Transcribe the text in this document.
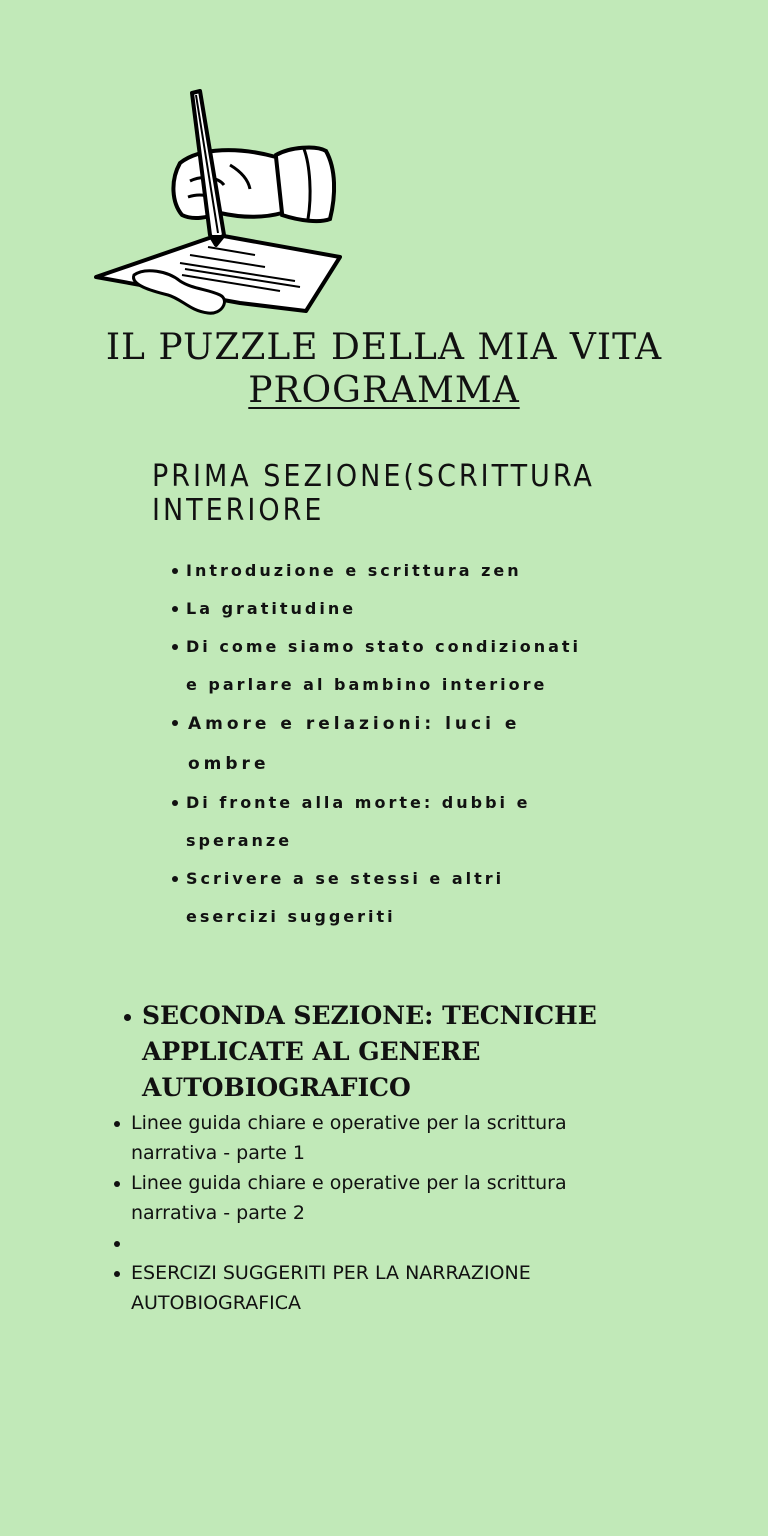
IL PUZZLE DELLA MIA VITA
PROGRAMMA
PRIMA SEZIONE(SCRITTURA
INTERIORE
Introduzione e scrittura zen
La gratitudine
Di come siamo stato condizionati e parlare al bambino interiore
Amore e relazioni: luci e ombre
Di fronte alla morte: dubbi e speranze
Scrivere a se stessi e altri esercizi suggeriti
SECONDA SEZIONE: TECNICHE APPLICATE AL GENERE AUTOBIOGRAFICO
Linee guida chiare e operative per la scrittura narrativa - parte 1
Linee guida chiare e operative per la scrittura narrativa - parte 2
ESERCIZI SUGGERITI PER LA NARRAZIONE AUTOBIOGRAFICA
